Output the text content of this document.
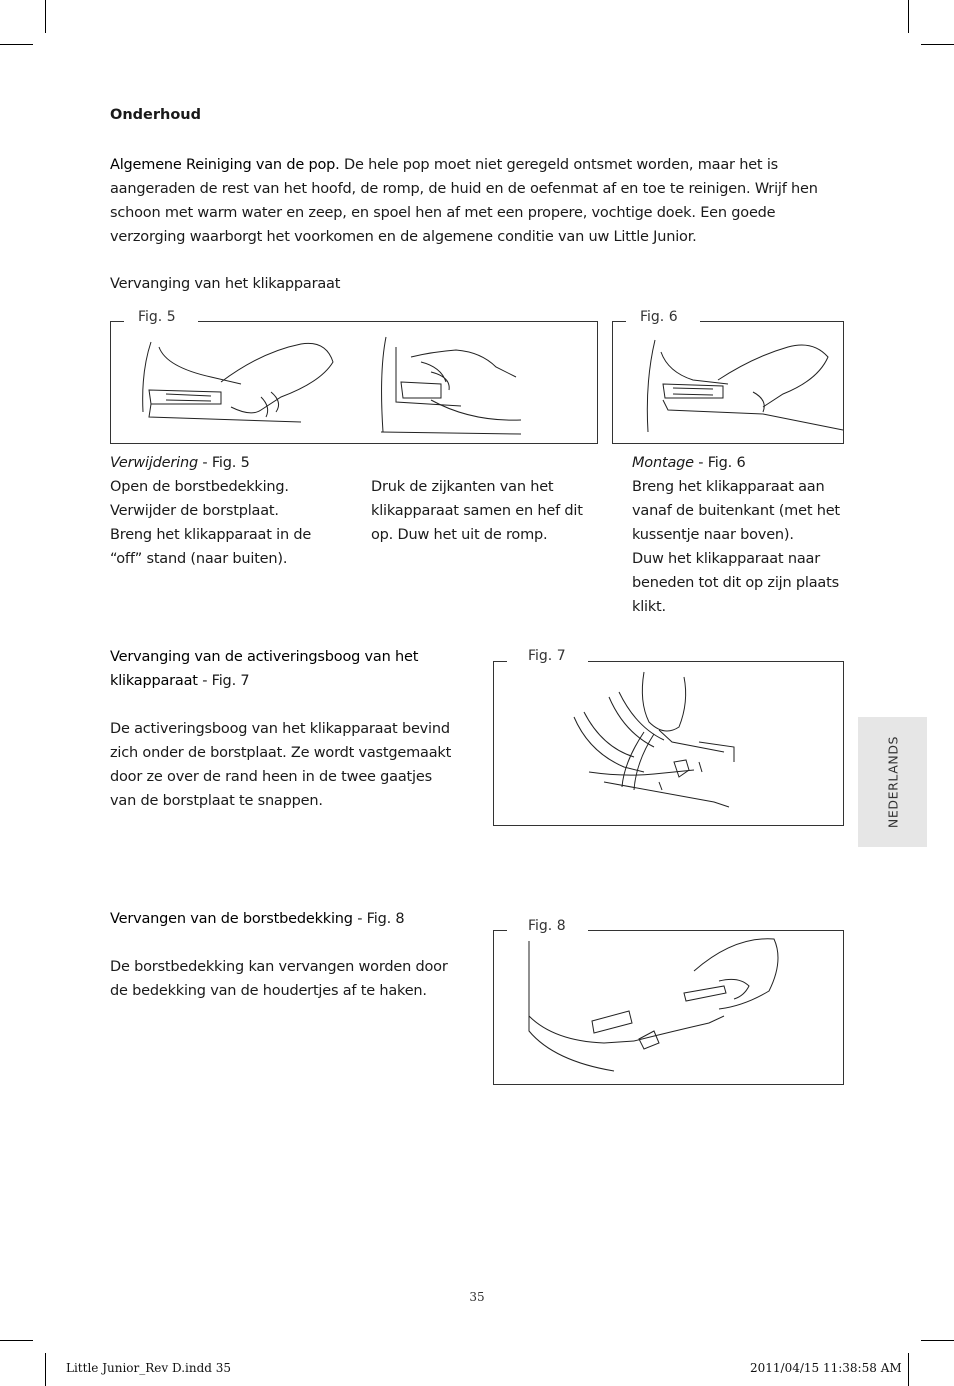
Onderhoud
Algemene Reiniging van de pop. De hele pop moet niet geregeld ontsmet worden, maar het is aangeraden de rest van het hoofd, de romp, de huid en de oefenmat af en toe te reinigen. Wrijf hen schoon met warm water en zeep, en spoel hen af met een propere, vochtige doek. Een goede verzorging waarborgt het voorkomen en de algemene conditie van uw Little Junior.
Vervanging van het klikapparaat
Fig. 5	Fig. 6
Verwijdering - Fig. 5
Open de borstbedekking.
Verwijder de borstplaat.
Breng het klikapparaat in de
“off” stand (naar buiten).
Druk de zijkanten van het
klikapparaat samen en hef dit
op. Duw het uit de romp.
Montage - Fig. 6
Breng het klikapparaat aan
vanaf de buitenkant (met het
kussentje naar boven).
Duw het klikapparaat naar
beneden tot dit op zijn plaats
klikt.
Vervanging van de activeringsboog van het
klikapparaat - Fig. 7
De activeringsboog van het klikapparaat bevind
zich onder de borstplaat. Ze wordt vastgemaakt
door ze over de rand heen in de twee gaatjes
van de borstplaat te snappen.
Fig. 7
Vervangen van de borstbedekking - Fig. 8
De borstbedekking kan vervangen worden door
de bedekking van de houdertjes af te haken.
Fig. 8
NEDERLANDS
35
Little Junior_Rev D.indd 35	2011/04/15 11:38:58 AM
